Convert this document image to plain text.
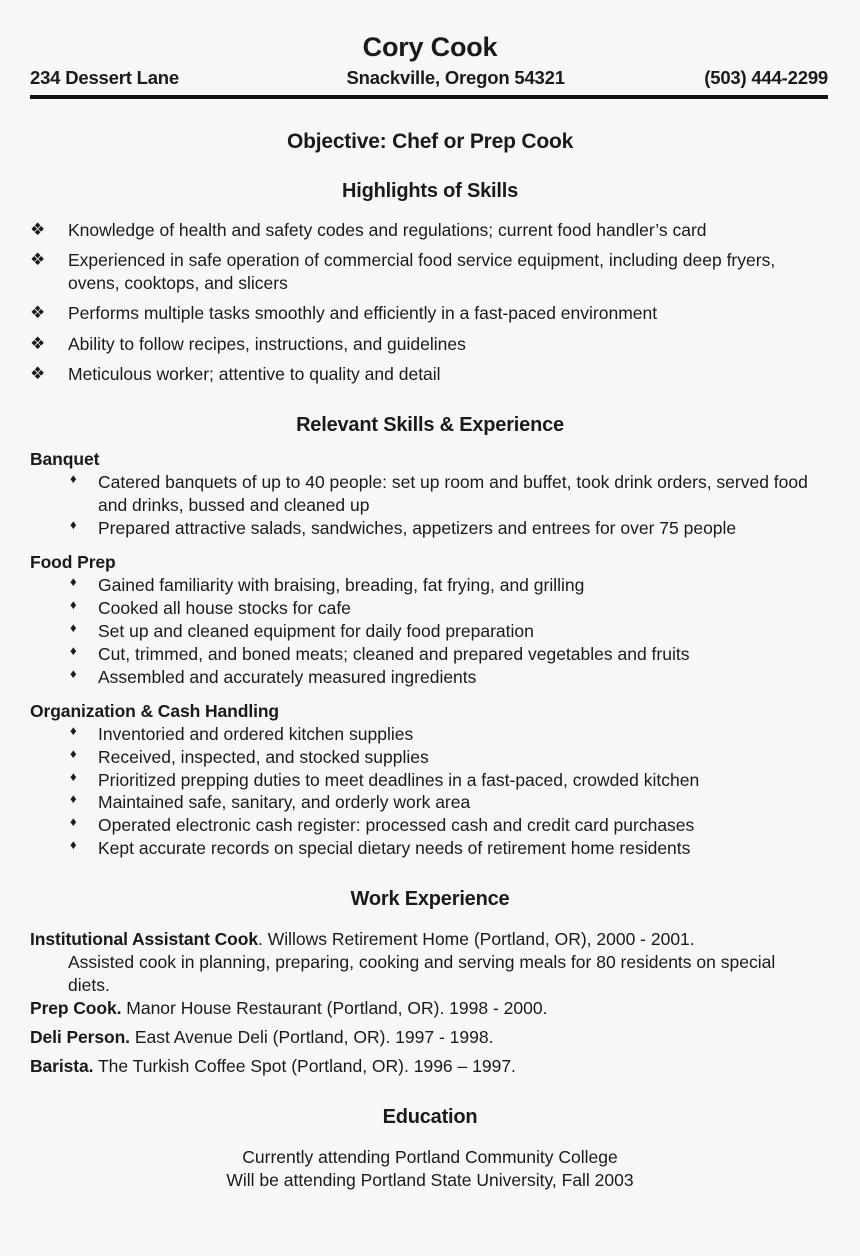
Cory Cook
234 Dessert Lane	Snackville, Oregon 54321	(503) 444-2299
Objective: Chef or Prep Cook
Highlights of Skills
❖ Knowledge of health and safety codes and regulations; current food handler’s card
❖ Experienced in safe operation of commercial food service equipment, including deep fryers, ovens, cooktops, and slicers
❖ Performs multiple tasks smoothly and efficiently in a fast-paced environment
❖ Ability to follow recipes, instructions, and guidelines
❖ Meticulous worker; attentive to quality and detail
Relevant Skills & Experience
Banquet
♦ Catered banquets of up to 40 people: set up room and buffet, took drink orders, served food and drinks, bussed and cleaned up
♦ Prepared attractive salads, sandwiches, appetizers and entrees for over 75 people
Food Prep
♦ Gained familiarity with braising, breading, fat frying, and grilling
♦ Cooked all house stocks for cafe
♦ Set up and cleaned equipment for daily food preparation
♦ Cut, trimmed, and boned meats; cleaned and prepared vegetables and fruits
♦ Assembled and accurately measured ingredients
Organization & Cash Handling
♦ Inventoried and ordered kitchen supplies
♦ Received, inspected, and stocked supplies
♦ Prioritized prepping duties to meet deadlines in a fast-paced, crowded kitchen
♦ Maintained safe, sanitary, and orderly work area
♦ Operated electronic cash register: processed cash and credit card purchases
♦ Kept accurate records on special dietary needs of retirement home residents
Work Experience
Institutional Assistant Cook. Willows Retirement Home (Portland, OR), 2000 - 2001.
Assisted cook in planning, preparing, cooking and serving meals for 80 residents on special diets.
Prep Cook. Manor House Restaurant (Portland, OR). 1998 - 2000.
Deli Person. East Avenue Deli (Portland, OR). 1997 - 1998.
Barista. The Turkish Coffee Spot (Portland, OR). 1996 – 1997.
Education
Currently attending Portland Community College
Will be attending Portland State University, Fall 2003
